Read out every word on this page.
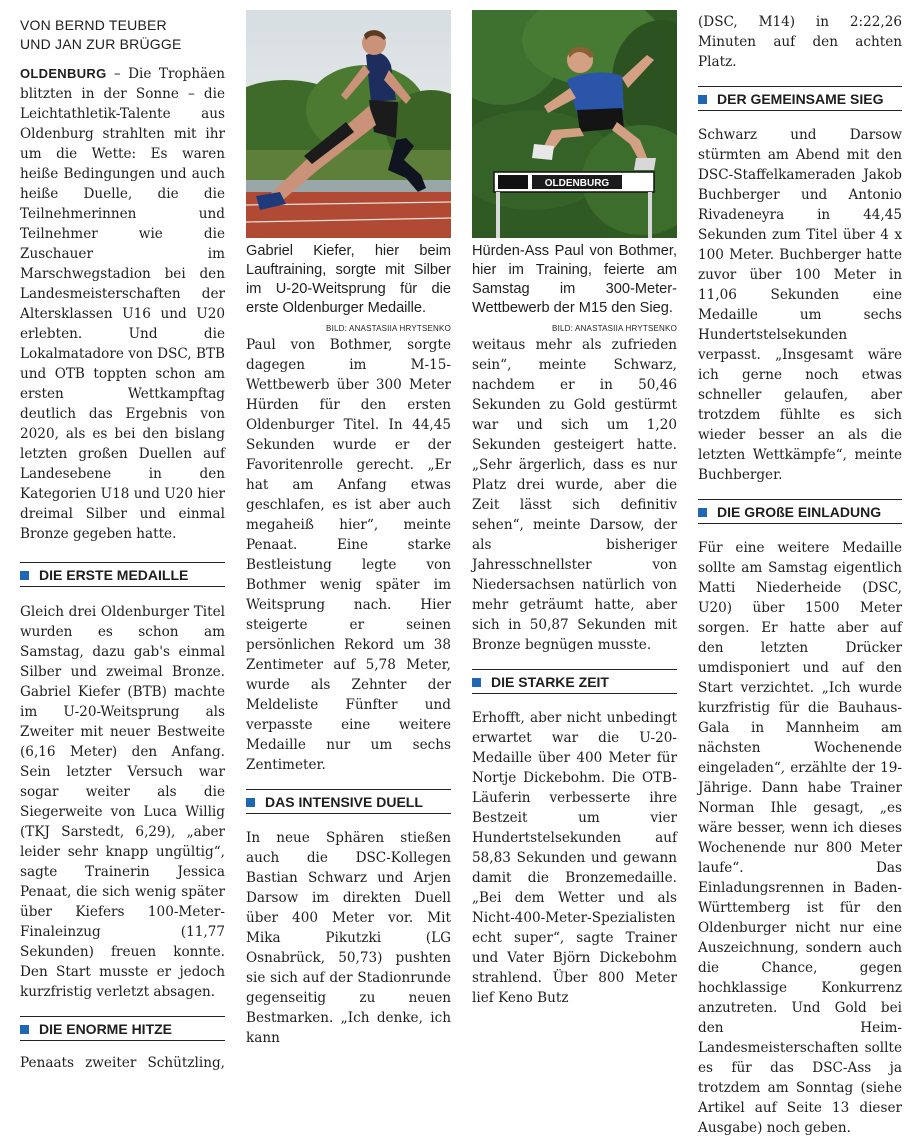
VON BERND TEUBER
UND JAN ZUR BRÜGGE

OLDENBURG – Die Trophäen blitzten in der Sonne – die Leichtathletik-Talente aus Oldenburg strahlten mit ihr um die Wette: Es waren heiße Bedingungen und auch heiße Duelle, die die Teilnehmerinnen und Teilnehmer wie die Zuschauer im Marschwegstadion bei den Landesmeisterschaften der Altersklassen U16 und U20 erlebten. Und die Lokalmatadore von DSC, BTB und OTB toppten schon am ersten Wettkampftag deutlich das Ergebnis von 2020, als es bei den bislang letzten großen Duellen auf Landesebene in den Kategorien U18 und U20 hier dreimal Silber und einmal Bronze gegeben hatte.

DIE ERSTE MEDAILLE

Gleich drei Oldenburger Titel wurden es schon am Samstag, dazu gab's einmal Silber und zweimal Bronze. Gabriel Kiefer (BTB) machte im U-20-Weitsprung als Zweiter mit neuer Bestweite (6,16 Meter) den Anfang. Sein letzter Versuch war sogar weiter als die Siegerweite von Luca Willig (TKJ Sarstedt, 6,29), „aber leider sehr knapp ungültig“, sagte Trainerin Jessica Penaat, die sich wenig später über Kiefers 100-Meter-Finaleinzug (11,77 Sekunden) freuen konnte. Den Start musste er jedoch kurzfristig verletzt absagen.

DIE ENORME HITZE

Penaats zweiter Schützling,

Gabriel Kiefer, hier beim Lauftraining, sorgte mit Silber im U-20-Weitsprung für die erste Oldenburger Medaille.
BILD: ANASTASIIA HRYTSENKO

Paul von Bothmer, sorgte dagegen im M-15-Wettbewerb über 300 Meter Hürden für den ersten Oldenburger Titel. In 44,45 Sekunden wurde er der Favoritenrolle gerecht. „Er hat am Anfang etwas geschlafen, es ist aber auch megaheiß hier“, meinte Penaat. Eine starke Bestleistung legte von Bothmer wenig später im Weitsprung nach. Hier steigerte er seinen persönlichen Rekord um 38 Zentimeter auf 5,78 Meter, wurde als Zehnter der Meldeliste Fünfter und verpasste eine weitere Medaille nur um sechs Zentimeter.

DAS INTENSIVE DUELL

In neue Sphären stießen auch die DSC-Kollegen Bastian Schwarz und Arjen Darsow im direkten Duell über 400 Meter vor. Mit Mika Pikutzki (LG Osnabrück, 50,73) pushten sie sich auf der Stadionrunde gegenseitig zu neuen Bestmarken. „Ich denke, ich kann

OLDENBURG
Hürden-Ass Paul von Bothmer, hier im Training, feierte am Samstag im 300-Meter-Wettbewerb der M15 den Sieg.
BILD: ANASTASIIA HRYTSENKO

weitaus mehr als zufrieden sein“, meinte Schwarz, nachdem er in 50,46 Sekunden zu Gold gestürmt war und sich um 1,20 Sekunden gesteigert hatte. „Sehr ärgerlich, dass es nur Platz drei wurde, aber die Zeit lässt sich definitiv sehen“, meinte Darsow, der als bisheriger Jahresschnellster von Niedersachsen natürlich von mehr geträumt hatte, aber sich in 50,87 Sekunden mit Bronze begnügen musste.

DIE STARKE ZEIT

Erhofft, aber nicht unbedingt erwartet war die U-20-Medaille über 400 Meter für Nortje Dickebohm. Die OTB-Läuferin verbesserte ihre Bestzeit um vier Hundertstelsekunden auf 58,83 Sekunden und gewann damit die Bronzemedaille. „Bei dem Wetter und als Nicht-400-Meter-Spezialisten echt super“, sagte Trainer und Vater Björn Dickebohm strahlend. Über 800 Meter lief Keno Butz

(DSC, M14) in 2:22,26 Minuten auf den achten Platz.

DER GEMEINSAME SIEG

Schwarz und Darsow stürmten am Abend mit den DSC-Staffelkameraden Jakob Buchberger und Antonio Rivadeneyra in 44,45 Sekunden zum Titel über 4 x 100 Meter. Buchberger hatte zuvor über 100 Meter in 11,06 Sekunden eine Medaille um sechs Hundertstelsekunden verpasst. „Insgesamt wäre ich gerne noch etwas schneller gelaufen, aber trotzdem fühlte es sich wieder besser an als die letzten Wettkämpfe“, meinte Buchberger.

DIE GROßE EINLADUNG

Für eine weitere Medaille sollte am Samstag eigentlich Matti Niederheide (DSC, U20) über 1500 Meter sorgen. Er hatte aber auf den letzten Drücker umdisponiert und auf den Start verzichtet. „Ich wurde kurzfristig für die Bauhaus-Gala in Mannheim am nächsten Wochenende eingeladen“, erzählte der 19-Jährige. Dann habe Trainer Norman Ihle gesagt, „es wäre besser, wenn ich dieses Wochenende nur 800 Meter laufe“. Das Einladungsrennen in Baden-Württemberg ist für den Oldenburger nicht nur eine Auszeichnung, sondern auch die Chance, gegen hochklassige Konkurrenz anzutreten. Und Gold bei den Heim-Landesmeisterschaften sollte es für das DSC-Ass ja trotzdem am Sonntag (siehe Artikel auf Seite 13 dieser Ausgabe) noch geben.
